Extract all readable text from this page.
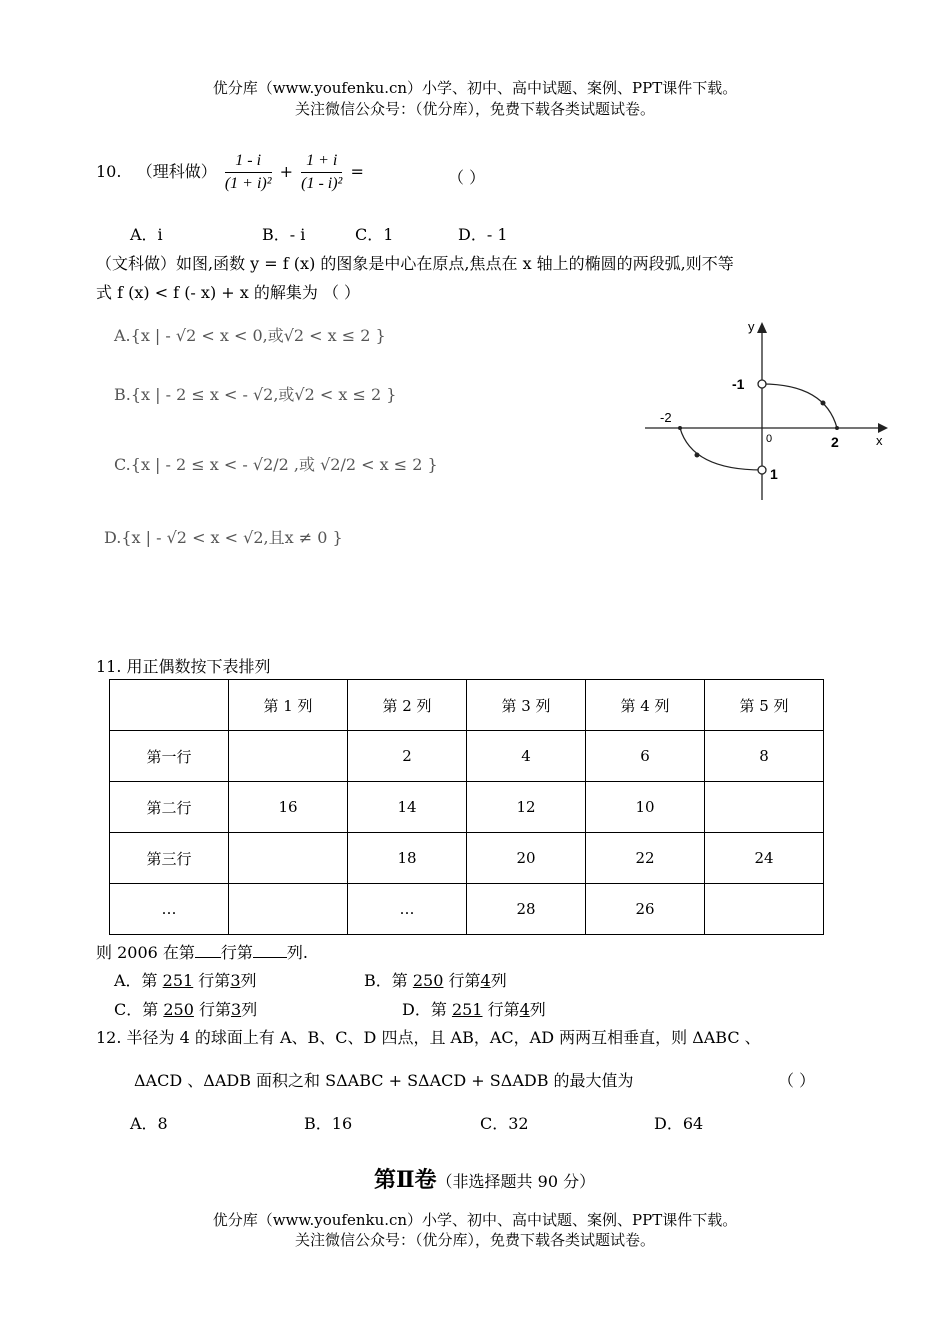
优分库（www.youfenku.cn）小学、初中、高中试题、案例、PPT课件下载。
关注微信公众号：（优分库），免费下载各类试题试卷。
10. （理科做） $\frac{1 - i}{\text{(1 + i)²}} + \frac{1 + i}{\text{(1 - i)²}}$ =	（ ）
A．i	B．- i	C．1	D．- 1
（文科做）如图,函数 y = f (x) 的图象是中心在原点,焦点在 x 轴上的椭圆的两段弧,则不等
式 f (x) < f (- x) + x 的解集为 （ ）
A.{x | - √2 < x < 0,或√2 < x ≤ 2 }
B.{x | - 2 ≤ x < - √2,或√2 < x ≤ 2 }
C.{x | - 2 ≤ x < - √2/2 ,或 √2/2 < x ≤ 2 }
D.{x | - √2 < x < √2,且x ≠ 0 }
y
x
0
-1
1
-2
2
11. 用正偶数按下表排列
	第 1 列	第 2 列	第 3 列	第 4 列	第 5 列
第一行		2	4	6	8
第二行	16	14	12	10	
第三行		18	20	22	24
…		…	28	26	
则 2006 在第 行第 列.
A．第 251 行第3列	B．第 250 行第4列
C．第 250 行第3列	D．第 251 行第4列
12. 半径为 4 的球面上有 A、B、C、D 四点，且 AB，AC，AD 两两互相垂直，则 ΔABC 、
ΔACD 、ΔADB 面积之和 SΔABC + SΔACD + SΔADB 的最大值为	（ ）
A．8	B．16	C．32	D．64
第Ⅱ卷（非选择题共 90 分）
优分库（www.youfenku.cn）小学、初中、高中试题、案例、PPT课件下载。
关注微信公众号：（优分库），免费下载各类试题试卷。
